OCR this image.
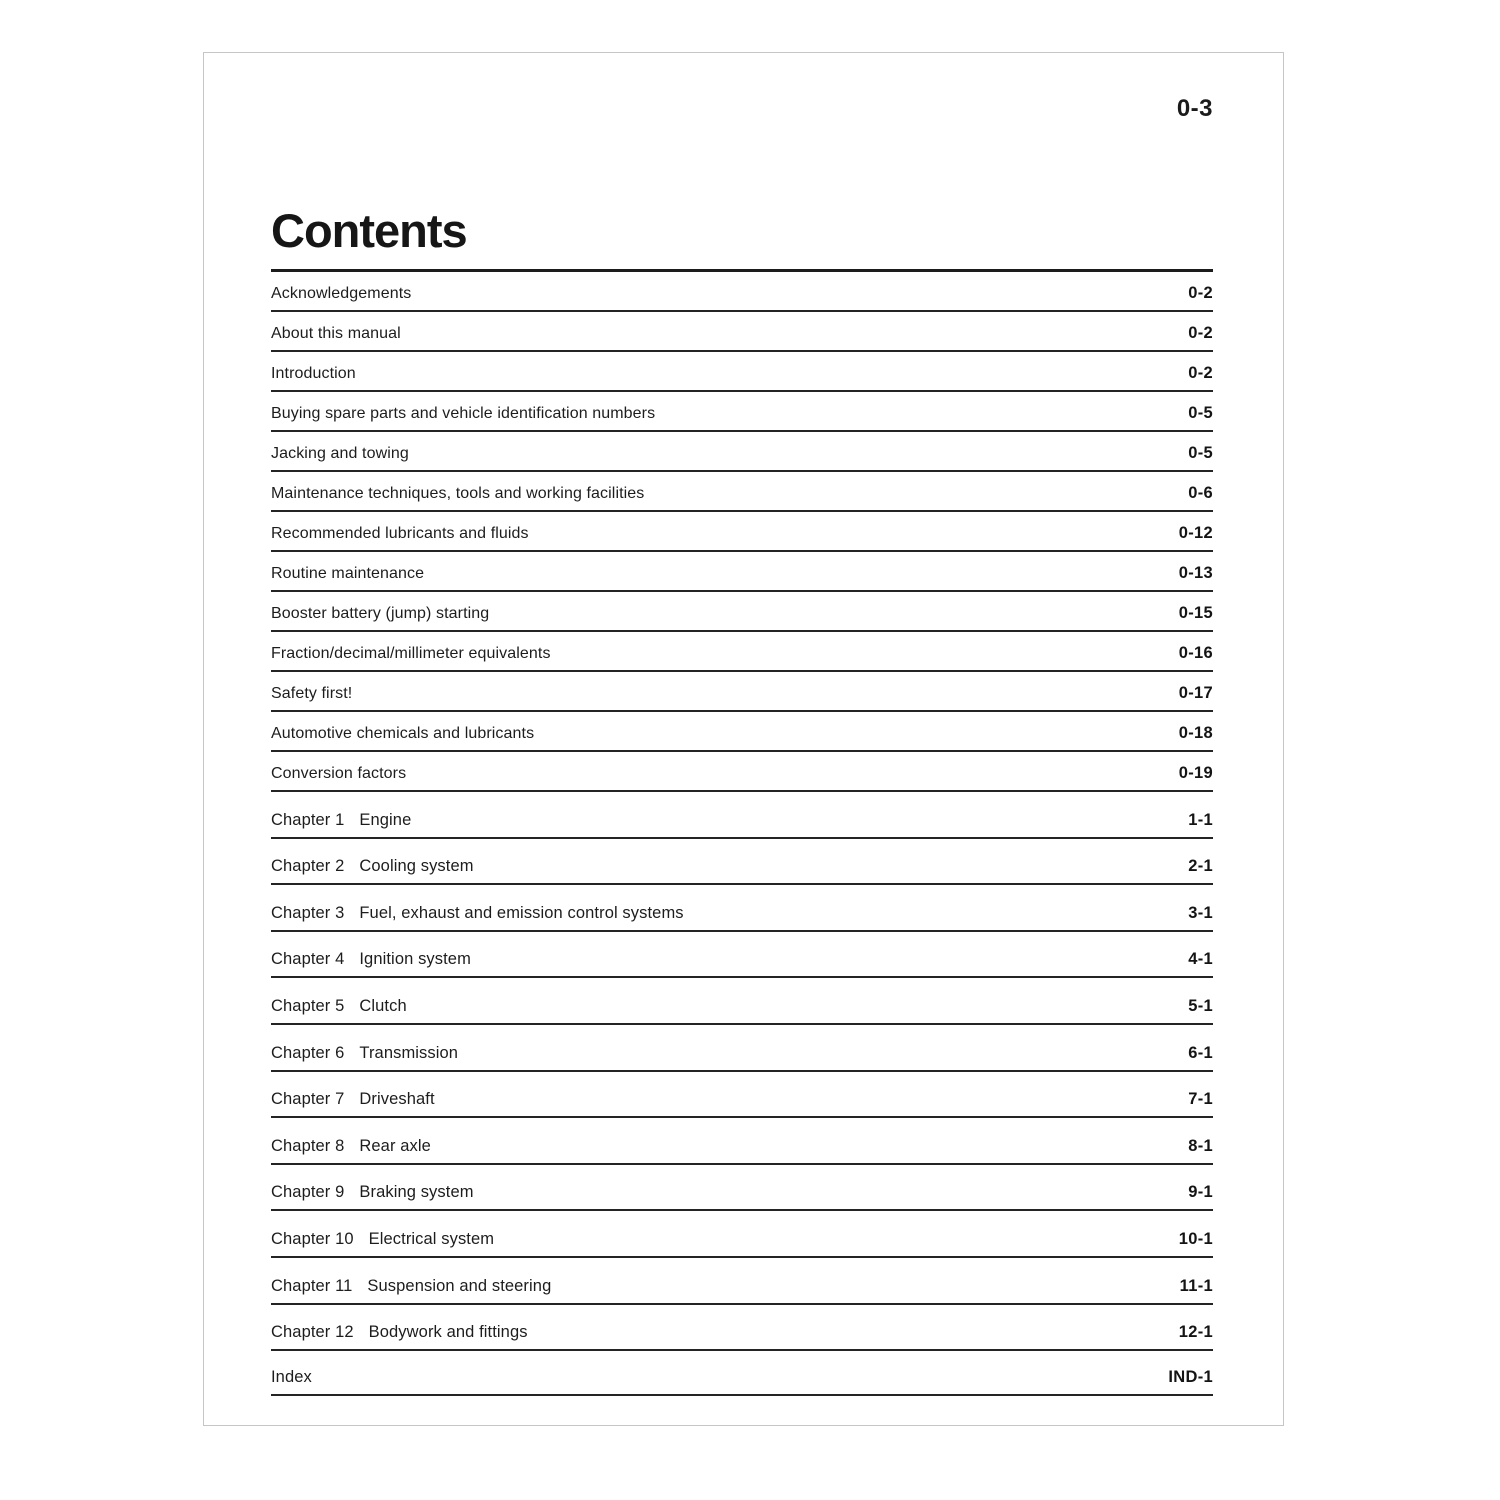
0-3
Contents
Acknowledgements	0-2
About this manual	0-2
Introduction	0-2
Buying spare parts and vehicle identification numbers	0-5
Jacking and towing	0-5
Maintenance techniques, tools and working facilities	0-6
Recommended lubricants and fluids	0-12
Routine maintenance	0-13
Booster battery (jump) starting	0-15
Fraction/decimal/millimeter equivalents	0-16
Safety first!	0-17
Automotive chemicals and lubricants	0-18
Conversion factors	0-19
Chapter 1 Engine	1-1
Chapter 2 Cooling system	2-1
Chapter 3 Fuel, exhaust and emission control systems	3-1
Chapter 4 Ignition system	4-1
Chapter 5 Clutch	5-1
Chapter 6 Transmission	6-1
Chapter 7 Driveshaft	7-1
Chapter 8 Rear axle	8-1
Chapter 9 Braking system	9-1
Chapter 10 Electrical system	10-1
Chapter 11 Suspension and steering	11-1
Chapter 12 Bodywork and fittings	12-1
Index	IND-1
